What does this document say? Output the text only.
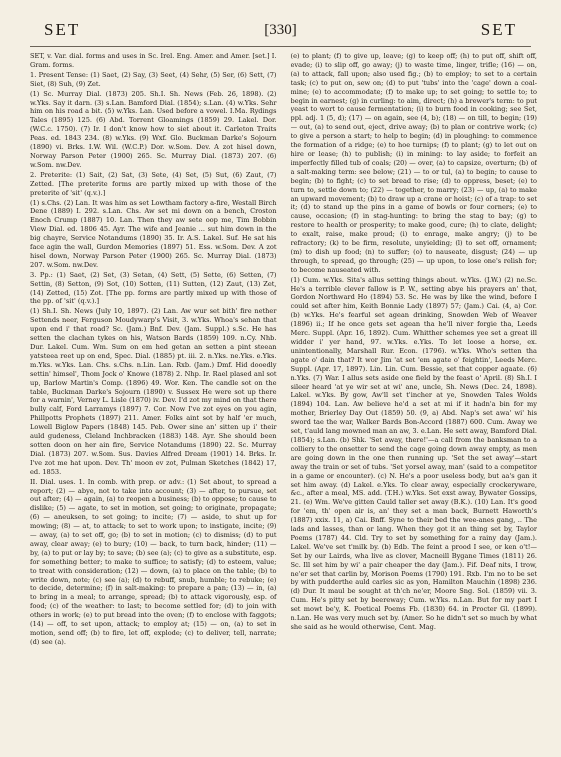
SET	[330]	SET

SET, v. Var. dial. forms and uses in Sc. Irel. Eng. Amer. and Amer. [set.] I. Gram. forms.

1. Present Tense: (1) Saet, (2) Say, (3) Seet, (4) Sehr, (5) Ser, (6) Sett, (7) Siet, (8) Suh, (9) Zet.

(1) Sc. Murray Dial. (1873) 205. Sh.I. Sh. News (Feb. 26, 1898). (2) w.Yks. Say it darn. (3) s.Lan. Bamford Dial. (1854); s.Lan. (4) w.Yks. Sehr him on his road a bit. (5) w.Yks. Lan. Used before a vowel. I.Ma. Rydings Tales (1895) 125. (6) Abd. Torrent Gloamings (1859) 29. Lakel. Dor. (W.C.c. 1750). (7) Ir. I don't know how to siet about it. Carleton Traits Peas. ed. 1843 234. (8) w.Yks. (9) Wxf. Glo. Buckman Darke's Sojourn (1890) vi. Brks. I.W. Wil. (W.C.P.) Dor. w.Som. Dev. A zot hisel down, Norway Parson Peter (1900) 265. Sc. Murray Dial. (1873) 207. (6) w.Som. nw.Dev.

2. Preterite: (1) Sait, (2) Sat, (3) Sete, (4) Set, (5) Sut, (6) Zaut, (7) Zetted. [The preterite forms are partly mixed up with those of the preterite of 'sit' (q.v.).]

(1) s.Chs. (2) Lan. It was him as set Lowtham factory a-fire, Westall Birch Dene (1889) I. 292. s.Lan. Chs. Aw set mi down on a bench, Croston Enoch Crump (1887) 10. Lan. Then they aw sete oop me, Tim Bobbin View Dial. ed. 1806 45. Ayr. The wife and Jeanie ... sut him down in the big chayre, Service Notandums (1890) 35. Ir. A.S. Lakel. Suf. He sat his face agin the wall, Gurdon Memories (1897) 51. Ess. w.Som. Dev. A zot hisel down, Norway Parson Peter (1900) 265. Sc. Murray Dial. (1873) 207. w.Som. nw.Dev.

3. Pp.: (1) Saet, (2) Set, (3) Setan, (4) Sett, (5) Sette, (6) Setten, (7) Settin, (8) Setton, (9) Sot, (10) Sotten, (11) Sutten, (12) Zaut, (13) Zet, (14) Zetted, (15) Zot. [The pp. forms are partly mixed up with those of the pp. of 'sit' (q.v.).]

(1) Sh.I. Sh. News (July 10, 1897). (2) Lan. Aw wur set bith' fire nether Settends neer, Ferguson Moudywarp's Visit, 3. w.Yks. Whoa's sehan that upon end i' that road? Sc. (Jam.) Bnf. Dev. (Jam. Suppl.) s.Sc. He has setten the clachan tykes on his, Watson Bards (1859) 109. n.Cy. Nhb. Dur. Lakel. Cum. Wm. Sum on em hed getan an setten a pint steean yatsteea reet up on end, Spec. Dial. (1885) pt. iii. 2. n.Yks. ne.Yks. e.Yks. m.Yks. w.Yks. Lan. Chs. s.Chs. n.Lin. Lan. Rxb. (Jam.) Dmf. Hid dooedly settin' himsel', Thom Jock o' Knowe (1878) 2. Nhp. Ir. Rael plased anl sot up, Barlow Martin's Comp. (1896) 49. Wor. Ken. The candle sot on the table, Buckman Darke's Sojourn (1890) v. Sussex He were sot up there for a warnin', Verney L. Lisle (1870) iv. Dev. I'd zot my mind on that there bully calf, Ford Larramys (1897) 7. Cor. Now I've zot eyes on you agin, Phillpotts Prophets (1897) 211. Amer. Folks aint sot by half 'er much, Lowell Biglow Papers (1848) 145. Peb. Ower sine an' sitten up i' their auld gudeness, Cleland Inchbracken (1883) 148. Ayr. She should been sotten doon on her ain fire, Service Notandums (1890) 22. Sc. Murray Dial. (1873) 207. w.Som. Sus. Davies Alfred Dream (1901) 14. Brks. Ir. I've zot me hat upon. Dev. Th' moon ev zot, Pulman Sketches (1842) 17, ed. 1853.

II. Dial. uses. 1. In comb. with prep. or adv.: (1) Set about, to spread a report; (2) — abye, not to take into account; (3) — after, to pursue, set out after; (4) — again, (a) to reopen a business; (b) to oppose; to cause to dislike; (5) — agate, to set in motion, set going; to originate, propagate; (6) — aneuksen, to set going; to incite; (7) — aside, to shut up for mowing; (8) — at, to attack; to set to work upon; to instigate, incite; (9) — away, (a) to set off, go; (b) to set in motion; (c) to dismiss; (d) to put away, clear away; (e) to bury; (10) — back, to turn back, hinder; (11) — by, (a) to put or lay by; to save; (b) see (a); (c) to give as a substitute, esp. for something better; to make to suffice; to satisfy; (d) to esteem, value; to treat with consideration; (12) — down, (a) to place on the table; (b) to write down, note; (c) see (a); (d) to rebuff, snub, humble; to rebuke; (e) to decide, determine; (f) in salt-making: to prepare a pan; (13) — in, (a) to bring in a meal; to arrange, spread; (b) to attack vigorously, esp. of food; (c) of the weather: to last; to become settled for; (d) to join with others in work; (e) to put bread into the oven; (f) to enclose with faggots; (14) — off, to set upon, attack; to employ at; (15) — on, (a) to set in motion, send off; (b) to fire, let off, explode; (c) to deliver, tell, narrate; (d) see (a).

(e) to plant; (f) to give up, leave; (g) to keep off; (h) to put off, shift off, evade; (i) to slip off, go away; (j) to waste time, linger, trifle; (16) — on, (a) to attack, fall upon; also used fig.; (b) to employ; to set to a certain task; (c) to put on, sew on; (d) to put 'tubs' into the 'cage' down a coal-mine; (e) to accommodate; (f) to make up; to set going; to settle to; to begin in earnest; (g) in curling: to aim, direct; (h) a brewer's term: to put yeast to wort to cause fermentation; (i) to burn food in cooking; see Set, ppl. adj. 1 (5, d); (17) — on again, see (4, b); (18) — on till, to begin; (19) — out, (a) to send out, eject, drive away; (b) to plan or contrive work; (c) to give a person a start; to help to begin; (d) in ploughing: to commence the formation of a ridge; (e) to hoe turnips; (f) to plant; (g) to let out on hire or lease; (h) to publish; (i) in mining: to lay aside; to forfeit an imperfectly filled tub of coals; (20) — over, (a) to capsize, overturn; (b) of a salt-making term: see below; (21) — to or tul, (a) to begin; to cause to begin; (b) to fight; (c) to set bread to rise; (d) to oppress, beset; (e) to turn to, settle down to; (22) — together, to marry; (23) — up, (a) to make an upward movement; (b) to draw up a crane or hoist; (c) of a trap: to set it; (d) to stand up the pins in a game of bowls or four corners; (e) to cause, occasion; (f) in stag-hunting: to bring the stag to bay; (g) to restore to health or prosperity; to make good, cure; (h) to clate, delight; to exalt, raise, make proud; (i) to enrage, make angry; (j) to be refractory; (k) to be firm, resolute, unyielding; (l) to set off, ornament; (m) to dish up food; (n) to suffer; (o) to nauseate, disgust; (24) — up through, to spread, go through; (25) — up upon, to lose one's relish for; to become nauseated with.

(1) Cum. w.Yks. Sita's allus setting things about. w.Yks. (J.W.) (2) ne.Sc. He's a terrible clever fallow is P. W., setting abye his prayers an' that, Gordon Northward Ho (1894) 53. Sc. He was by like the wind, before I could set after him, Keith Bonnie Lady (1897) 57; (Jam.) Cai. (4, a) Cor. (b) w.Yks. He's fearful set agean drinking, Snowden Web of Weaver (1896) ii.; If he once gets set agean tha he'll niver forgie tha, Leeds Merc. Suppl. (Apr. 16, 1892). Cum. Whitther schemes yee set a great ill widder i' yer hand, 97. w.Yks. e.Yks. To let loose a horse, ex. unintentionally, Marshall Rur. Econ. (1796). w.Yks. Who's setten tha agate o' dain that? It wor Jim 'at set 'em agate o' feightin', Leeds Merc. Suppl. (Apr. 17, 1897). Lin. Lin. Cum. Bessie, set that copper agaate. (6) n.Yks. (7) War. I allus sets aside one field by the feast o' April. (8) Sh.I. I sileer heard 'at ye wir set at wi' ane, uncle, Sh. News (Dec. 24, 1898). Lakel. w.Yks. By gow, Aw'll set t'incher at ye, Snowden Tales Wolds (1894) 104. Lan. Aw believe he'd a set at mi if it hadn'a bin for my mother, Brierley Day Out (1859) 50. (9, a) Abd. Nap's set awa' wi' his sword tae the war, Walker Bards Bon-Accord (1887) 600. Cum. Away we set, t'auld lang mowned man an aw, 3. e.Lan. He sett away, Bamford Dial. (1854); s.Lan. (b) Shk. 'Set away, there!'—a call from the banksman to a colliery to the onsetter to send the cage going down away empty, as men are going down in the one then running up. 'Set the set away'—start away the train or set of tubs. 'Set yorsel away, man' (said to a competitor in a game or encounter). (c) N. He's a poor useless body, but aa's gan it set him away. (d) Lakel. e.Yks. To clear away, especially crockeryware, &c., after a meal, MS. add. (T.H.) w.Yks. Set exst away, Bywater Gossips, 21. (e) Wm. We've gitten Cauld taller set away (B.K.). (10) Lan. It's good for 'em, th' open air is, an' they set a man back, Burnett Haworth's (1887) xxix. 11, a) Cai. Bnff. Syne to their bed the wee-anes gang, .. The lads and lasses, than or lang. When they got it an thing set by, Taylor Poems (1787) 44. Cld. Try to set by something for a rainy day (Jam.). Lakel. We've set t'milk by. (b) Edb. The feint a prood I see, or ken o't!—Set by our Lairds, wha live as clover, Macneill Bygane Times (1811) 26. Sc. Ill set him by wi' a pair cheaper the day (Jam.). Fif. Deaf nits, I trow, ne'er set that carlin by, Morison Poems (1790) 191. Rxb. I'm no to be set by with pudderthe auld carles sic as yon, Hamilton Mauchin (1898) 236. (d) Dur. It maul be sought at th'ch ne'er, Moore Sng. Sol. (1859) vii. 3. Cum. He's pitty set by beereway; Cum. w.Yks. n.Lan. But for my part I set mowt be'y, K. Poetical Poems Fb. (1830) 64. in Procter Gl. (1899). n.Lan. He was very much set by. (Amer. So he didn't set so much by what she said as he would otherwise, Cent. Mag.
